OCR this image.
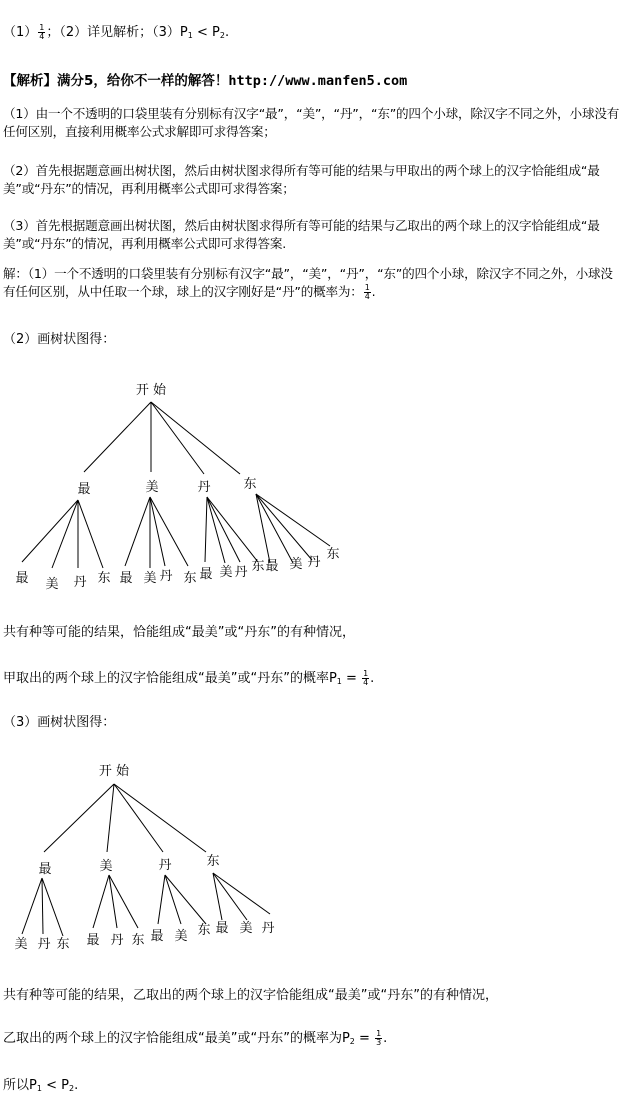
$(1) \frac{1}{4}$ ；（2）详见解析；$(3)P_1 < P_2$.
【解析】满分5，给你不一样的解答！http://www.manfen5.com
（1）由一个不透明的口袋里装有分别标有汉字“最”，“美”，“丹”，“东”的四个小球，除汉字不同之外，小球没有任何区别，直接利用概率公式求解即可求得答案；
（2）首先根据题意画出树状图，然后由树状图求得所有等可能的结果与甲取出的两个球上的汉字恰能组成“最美”或“丹东”的情况，再利用概率公式即可求得答案；
（3）首先根据题意画出树状图，然后由树状图求得所有等可能的结果与乙取出的两个球上的汉字恰能组成“最美”或“丹东”的情况，再利用概率公式即可求得答案.
解：（1）一个不透明的口袋里装有分别标有汉字“最”，“美”，“丹”，“东”的四个小球，除汉字不同之外，小球没有任何区别，从中任取一个球，球上的汉字刚好是“丹”的概率为： $\frac{1}{4}$ .
（2）画树状图得：
开 始
最
最 美 丹 东
美
最 美 丹 东
丹
最 美 丹 东
东
最 美 丹
东
共有种等可能的结果，恰能组成“最美”或“丹东”的有种情况，
甲取出的两个球上的汉字恰能组成“最美”或“丹东”的概率$P_1 = \frac{1}{4}$ .
（3）画树状图得：
开 始
最
美 丹 东
美
最 丹 东
丹
最 美 东
东
最 美 丹
共有种等可能的结果，乙取出的两个球上的汉字恰能组成“最美”或“丹东”的有种情况，
乙取出的两个球上的汉字恰能组成“最美”或“丹东”的概率为$P_2 = \frac{1}{3}$ .
所以$P_1 < P_2$.
